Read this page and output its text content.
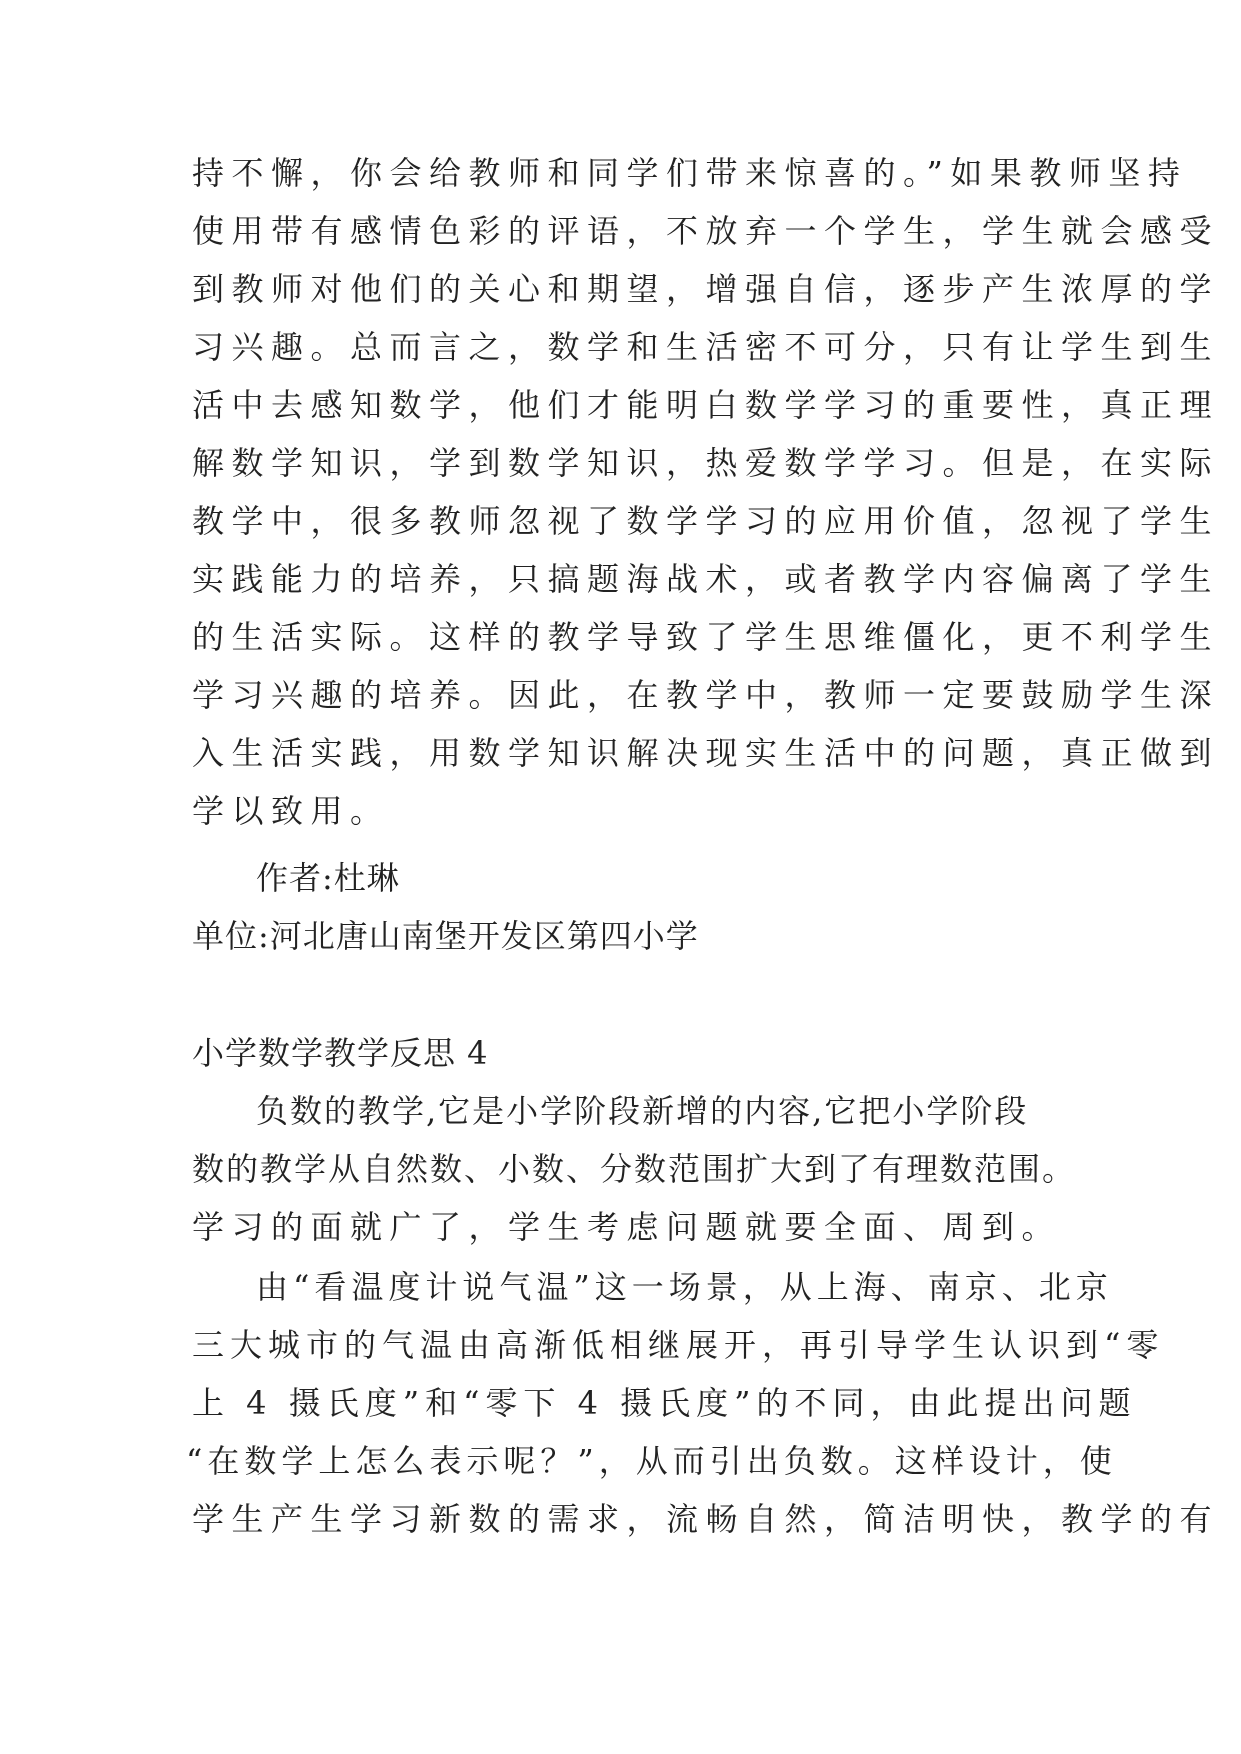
持不懈，你会给教师和同学们带来惊喜的。”如果教师坚持
使用带有感情色彩的评语，不放弃一个学生，学生就会感受
到教师对他们的关心和期望，增强自信，逐步产生浓厚的学
习兴趣。总而言之，数学和生活密不可分，只有让学生到生
活中去感知数学，他们才能明白数学学习的重要性，真正理
解数学知识，学到数学知识，热爱数学学习。但是，在实际
教学中，很多教师忽视了数学学习的应用价值，忽视了学生
实践能力的培养，只搞题海战术，或者教学内容偏离了学生
的生活实际。这样的教学导致了学生思维僵化，更不利学生
学习兴趣的培养。因此，在教学中，教师一定要鼓励学生深
入生活实践，用数学知识解决现实生活中的问题，真正做到
学以致用。
作者:杜琳
单位:河北唐山南堡开发区第四小学
小学数学教学反思 4
负数的教学,它是小学阶段新增的内容,它把小学阶段
数的教学从自然数、小数、分数范围扩大到了有理数范围。
学习的面就广了，学生考虑问题就要全面、周到。
由“看温度计说气温”这一场景，从上海、南京、北京
三大城市的气温由高渐低相继展开，再引导学生认识到“零
上 4 摄氏度”和“零下 4 摄氏度”的不同，由此提出问题
“在数学上怎么表示呢？”，从而引出负数。这样设计，使
学生产生学习新数的需求，流畅自然，简洁明快，教学的有
